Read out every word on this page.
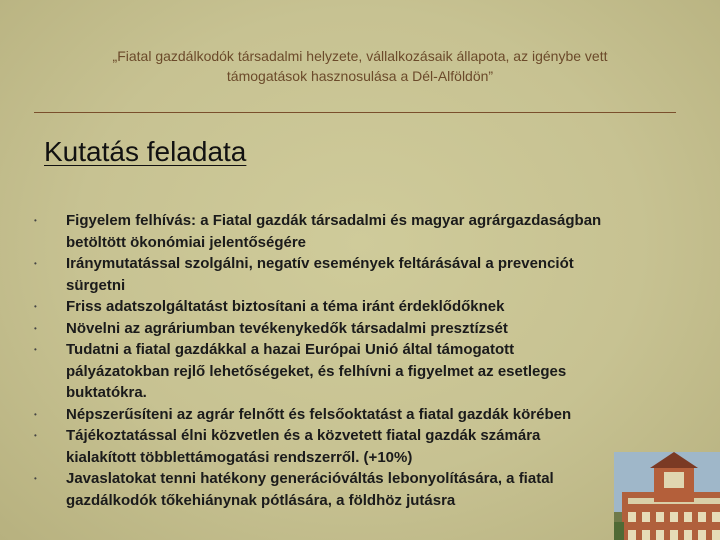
„Fiatal gazdálkodók társadalmi helyzete, vállalkozásaik állapota, az igénybe vett
támogatások hasznosulása a Dél-Alföldön”
Kutatás feladata
•	Figyelem felhívás: a Fiatal gazdák társadalmi és magyar agrárgazdaságban
betöltött ökonómiai jelentőségére
•	Iránymutatással szolgálni, negatív események feltárásával a prevenciót
sürgetni
•	Friss adatszolgáltatást biztosítani a téma iránt érdeklődőknek
•	Növelni az agráriumban tevékenykedők társadalmi presztízsét
•	Tudatni a fiatal gazdákkal a hazai Európai Unió által támogatott
pályázatokban rejlő lehetőségeket, és felhívni a figyelmet az esetleges
buktatókra.
•	Népszerűsíteni az agrár felnőtt és felsőoktatást a fiatal gazdák körében
•	Tájékoztatással élni közvetlen és a közvetett fiatal gazdák számára
kialakított többlettámogatási rendszerről. (+10%)
•	Javaslatokat tenni hatékony generációváltás lebonyolítására, a fiatal
gazdálkodók tőkehiánynak pótlására, a földhöz jutásra
